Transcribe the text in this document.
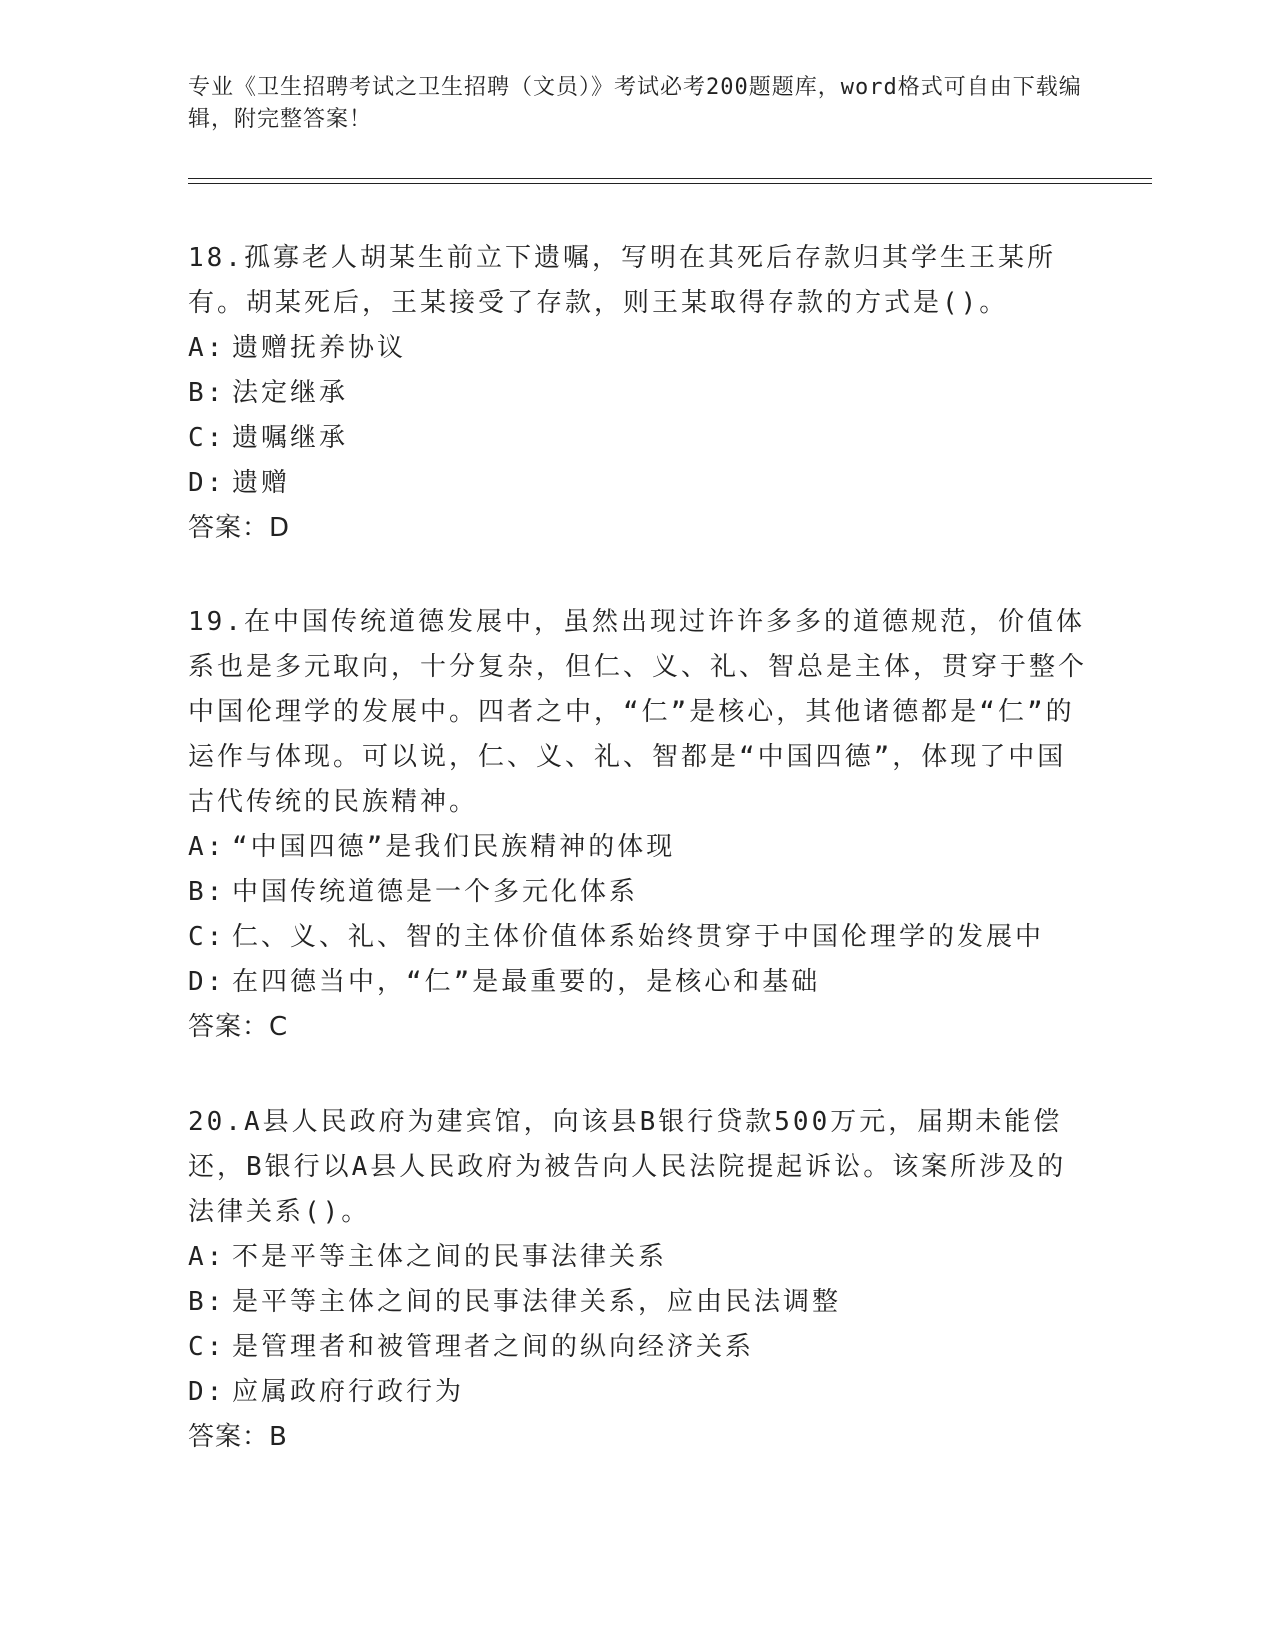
专业《卫生招聘考试之卫生招聘（文员）》考试必考200题题库，word格式可自由下载编辑，附完整答案！

18.孤寡老人胡某生前立下遗嘱，写明在其死后存款归其学生王某所有。胡某死后，王某接受了存款，则王某取得存款的方式是()。

A: 遗赠抚养协议

B: 法定继承

C: 遗嘱继承

D: 遗赠

答案：D

19.在中国传统道德发展中，虽然出现过许许多多的道德规范，价值体系也是多元取向，十分复杂，但仁、义、礼、智总是主体，贯穿于整个中国伦理学的发展中。四者之中，“仁”是核心，其他诸德都是“仁”的运作与体现。可以说，仁、义、礼、智都是“中国四德”，体现了中国古代传统的民族精神。

A: “中国四德”是我们民族精神的体现

B: 中国传统道德是一个多元化体系

C: 仁、义、礼、智的主体价值体系始终贯穿于中国伦理学的发展中

D: 在四德当中，“仁”是最重要的，是核心和基础

答案：C

20.A县人民政府为建宾馆，向该县B银行贷款500万元，届期未能偿还，B银行以A县人民政府为被告向人民法院提起诉讼。该案所涉及的法律关系()。

A: 不是平等主体之间的民事法律关系

B: 是平等主体之间的民事法律关系，应由民法调整

C: 是管理者和被管理者之间的纵向经济关系

D: 应属政府行政行为

答案：B
